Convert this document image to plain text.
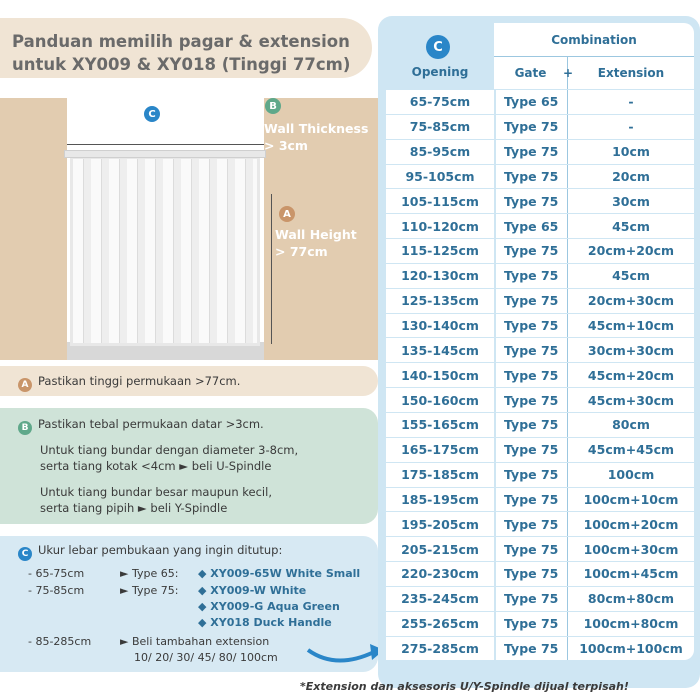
Panduan memilih pagar & extension
untuk XY009 & XY018 (Tinggi 77cm)
C
Opening >65cm
B
Wall Thickness
> 3cm
A
Wall Height
> 77cm
A Pastikan tinggi permukaan >77cm.
B Pastikan tebal permukaan datar >3cm.
Untuk tiang bundar dengan diameter 3-8cm,
serta tiang kotak <4cm ► beli U-Spindle
Untuk tiang bundar besar maupun kecil,
serta tiang pipih ► beli Y-Spindle
C Ukur lebar pembukaan yang ingin ditutup:
- 65-75cm	► Type 65: ◆ XY009-65W White Small
- 75-85cm	► Type 75: ◆ XY009-W White
◆ XY009-G Aqua Green
◆ XY018 Duck Handle
- 85-285cm	► Beli tambahan extension
10/ 20/ 30/ 45/ 80/ 100cm
C
Opening
Combination
Gate	Extension
+
65-75cm	Type 65	-
75-85cm	Type 75	-
85-95cm	Type 75	10cm
95-105cm	Type 75	20cm
105-115cm	Type 75	30cm
110-120cm	Type 65	45cm
115-125cm	Type 75	20cm+20cm
120-130cm	Type 75	45cm
125-135cm	Type 75	20cm+30cm
130-140cm	Type 75	45cm+10cm
135-145cm	Type 75	30cm+30cm
140-150cm	Type 75	45cm+20cm
150-160cm	Type 75	45cm+30cm
155-165cm	Type 75	80cm
165-175cm	Type 75	45cm+45cm
175-185cm	Type 75	100cm
185-195cm	Type 75	100cm+10cm
195-205cm	Type 75	100cm+20cm
205-215cm	Type 75	100cm+30cm
220-230cm	Type 75	100cm+45cm
235-245cm	Type 75	80cm+80cm
255-265cm	Type 75	100cm+80cm
275-285cm	Type 75	100cm+100cm
*Extension dan aksesoris U/Y-Spindle dijual terpisah!
